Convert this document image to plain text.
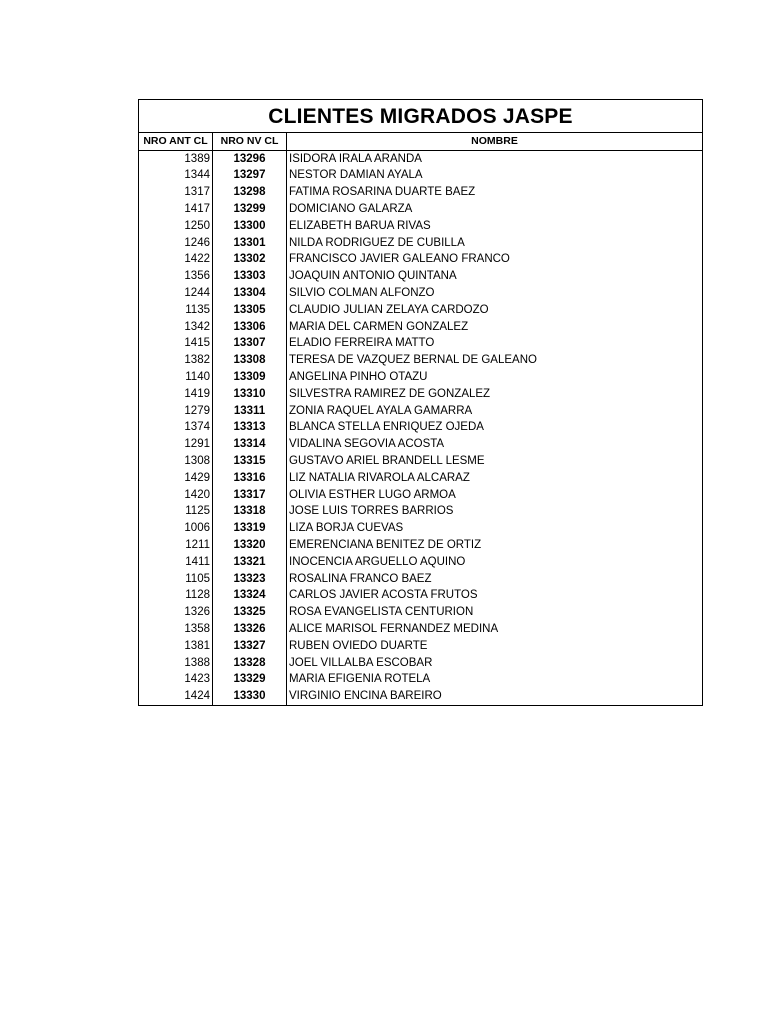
CLIENTES MIGRADOS JASPE		
NRO ANT CL	NRO NV CL	NOMBRE
1389	13296	ISIDORA IRALA ARANDA
1344	13297	NESTOR DAMIAN AYALA
1317	13298	FATIMA ROSARINA DUARTE BAEZ
1417	13299	DOMICIANO GALARZA
1250	13300	ELIZABETH BARUA RIVAS
1246	13301	NILDA RODRIGUEZ DE CUBILLA
1422	13302	FRANCISCO JAVIER GALEANO FRANCO
1356	13303	JOAQUIN ANTONIO QUINTANA
1244	13304	SILVIO COLMAN ALFONZO
1135	13305	CLAUDIO JULIAN ZELAYA CARDOZO
1342	13306	MARIA DEL CARMEN GONZALEZ
1415	13307	ELADIO FERREIRA MATTO
1382	13308	TERESA DE VAZQUEZ BERNAL DE GALEANO
1140	13309	ANGELINA PINHO OTAZU
1419	13310	SILVESTRA RAMIREZ DE GONZALEZ
1279	13311	ZONIA RAQUEL AYALA GAMARRA
1374	13313	BLANCA STELLA ENRIQUEZ OJEDA
1291	13314	VIDALINA SEGOVIA ACOSTA
1308	13315	GUSTAVO ARIEL BRANDELL LESME
1429	13316	LIZ NATALIA RIVAROLA ALCARAZ
1420	13317	OLIVIA ESTHER LUGO ARMOA
1125	13318	JOSE LUIS TORRES BARRIOS
1006	13319	LIZA BORJA CUEVAS
1211	13320	EMERENCIANA BENITEZ DE ORTIZ
1411	13321	INOCENCIA ARGUELLO AQUINO
1105	13323	ROSALINA FRANCO BAEZ
1128	13324	CARLOS JAVIER ACOSTA FRUTOS
1326	13325	ROSA EVANGELISTA CENTURION
1358	13326	ALICE MARISOL FERNANDEZ MEDINA
1381	13327	RUBEN OVIEDO DUARTE
1388	13328	JOEL VILLALBA ESCOBAR
1423	13329	MARIA EFIGENIA ROTELA
1424	13330	VIRGINIO ENCINA BAREIRO
